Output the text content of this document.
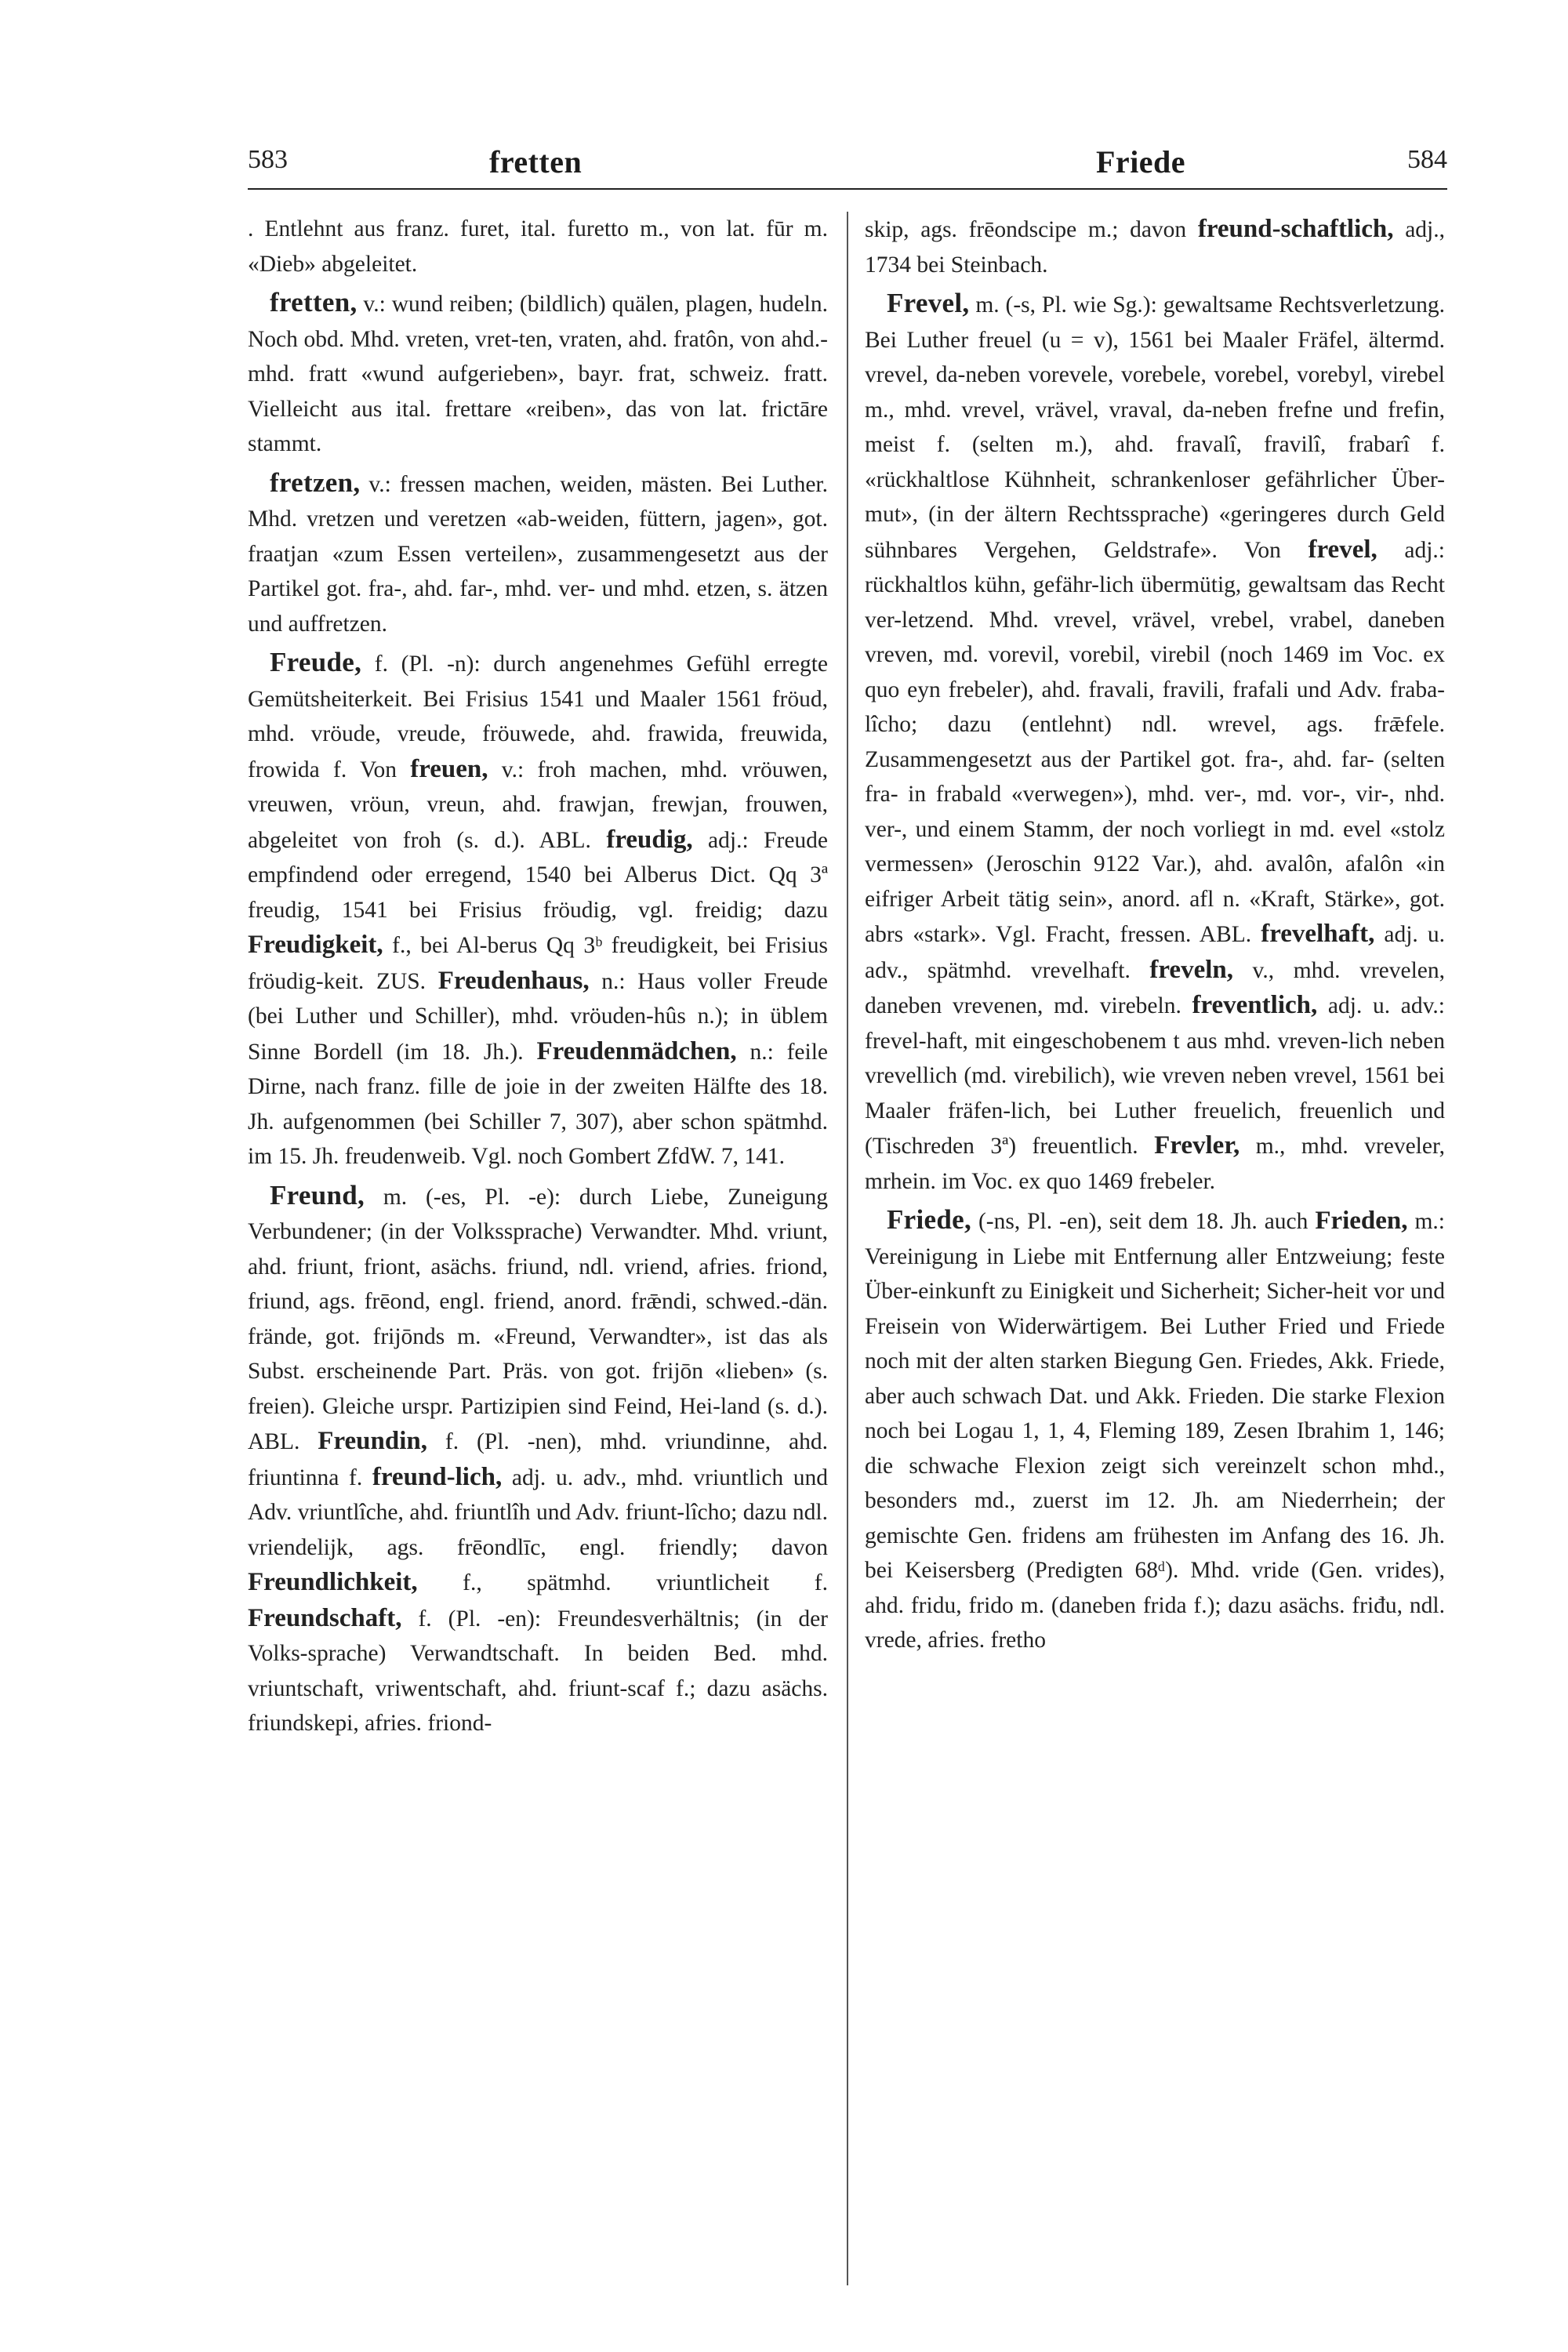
583	fretten	Friede	584

. Entlehnt aus franz. furet, ital. furetto m., von lat. fūr m. «Dieb» abgeleitet.

fretten, v.: wund reiben; (bildlich) quälen, plagen, hudeln. Noch obd. Mhd. vreten, vret-ten, vraten, ahd. fratôn, von ahd.-mhd. fratt «wund aufgerieben», bayr. frat, schweiz. fratt. Vielleicht aus ital. frettare «reiben», das von lat. frictāre stammt.

fretzen, v.: fressen machen, weiden, mästen. Bei Luther. Mhd. vretzen und veretzen «ab-weiden, füttern, jagen», got. fraatjan «zum Essen verteilen», zusammengesetzt aus der Partikel got. fra-, ahd. far-, mhd. ver- und mhd. etzen, s. ätzen und auffretzen.

Freude, f. (Pl. -n): durch angenehmes Gefühl erregte Gemütsheiterkeit. Bei Frisius 1541 und Maaler 1561 fröud, mhd. vröude, vreude, fröuwede, ahd. frawida, freuwida, frowida f. Von freuen, v.: froh machen, mhd. vröuwen, vreuwen, vröun, vreun, ahd. frawjan, frewjan, frouwen, abgeleitet von froh (s. d.). ABL. freudig, adj.: Freude empfindend oder erregend, 1540 bei Alberus Dict. Qq 3ª freudig, 1541 bei Frisius fröudig, vgl. freidig; dazu Freudigkeit, f., bei Al-berus Qq 3ᵇ freudigkeit, bei Frisius fröudig-keit. ZUS. Freudenhaus, n.: Haus voller Freude (bei Luther und Schiller), mhd. vröuden-hûs n.); in üblem Sinne Bordell (im 18. Jh.). Freudenmädchen, n.: feile Dirne, nach franz. fille de joie in der zweiten Hälfte des 18. Jh. aufgenommen (bei Schiller 7, 307), aber schon spätmhd. im 15. Jh. freudenweib. Vgl. noch Gombert ZfdW. 7, 141.

Freund, m. (-es, Pl. -e): durch Liebe, Zuneigung Verbundener; (in der Volkssprache) Verwandter. Mhd. vriunt, ahd. friunt, friont, asächs. friund, ndl. vriend, afries. friond, friund, ags. frēond, engl. friend, anord. frǣndi, schwed.-dän. frände, got. frijōnds m. «Freund, Verwandter», ist das als Subst. erscheinende Part. Präs. von got. frijōn «lieben» (s. freien). Gleiche urspr. Partizipien sind Feind, Hei-land (s. d.). ABL. Freundin, f. (Pl. -nen), mhd. vriundinne, ahd. friuntinna f. freund-lich, adj. u. adv., mhd. vriuntlich und Adv. vriuntlîche, ahd. friuntlîh und Adv. friunt-lîcho; dazu ndl. vriendelijk, ags. frēondlīc, engl. friendly; davon Freundlichkeit, f., spätmhd. vriuntlicheit f. Freundschaft, f. (Pl. -en): Freundesverhältnis; (in der Volks-sprache) Verwandtschaft. In beiden Bed. mhd. vriuntschaft, vriwentschaft, ahd. friunt-scaf f.; dazu asächs. friundskepi, afries. friond-

skip, ags. frēondscipe m.; davon freund-schaftlich, adj., 1734 bei Steinbach.

Frevel, m. (-s, Pl. wie Sg.): gewaltsame Rechtsverletzung. Bei Luther freuel (u = v), 1561 bei Maaler Fräfel, ältermd. vrevel, da-neben vorevele, vorebele, vorebel, vorebyl, virebel m., mhd. vrevel, vrävel, vraval, da-neben frefne und frefin, meist f. (selten m.), ahd. fravalî, fravilî, frabarî f. «rückhaltlose Kühnheit, schrankenloser gefährlicher Über-mut», (in der ältern Rechtssprache) «geringeres durch Geld sühnbares Vergehen, Geldstrafe». Von frevel, adj.: rückhaltlos kühn, gefähr-lich übermütig, gewaltsam das Recht ver-letzend. Mhd. vrevel, vrävel, vrebel, vrabel, daneben vreven, md. vorevil, vorebil, virebil (noch 1469 im Voc. ex quo eyn frebeler), ahd. fravali, fravili, frafali und Adv. fraba-lîcho; dazu (entlehnt) ndl. wrevel, ags. frǣfele. Zusammengesetzt aus der Partikel got. fra-, ahd. far- (selten fra- in frabald «verwegen»), mhd. ver-, md. vor-, vir-, nhd. ver-, und einem Stamm, der noch vorliegt in md. evel «stolz vermessen» (Jeroschin 9122 Var.), ahd. avalôn, afalôn «in eifriger Arbeit tätig sein», anord. afl n. «Kraft, Stärke», got. abrs «stark». Vgl. Fracht, fressen. ABL. frevelhaft, adj. u. adv., spätmhd. vrevelhaft. freveln, v., mhd. vrevelen, daneben vrevenen, md. virebeln. freventlich, adj. u. adv.: frevel-haft, mit eingeschobenem t aus mhd. vreven-lich neben vrevellich (md. virebilich), wie vreven neben vrevel, 1561 bei Maaler fräfen-lich, bei Luther freuelich, freuenlich und (Tischreden 3ª) freuentlich. Frevler, m., mhd. vreveler, mrhein. im Voc. ex quo 1469 frebeler.

Friede, (-ns, Pl. -en), seit dem 18. Jh. auch Frieden, m.: Vereinigung in Liebe mit Entfernung aller Entzweiung; feste Über-einkunft zu Einigkeit und Sicherheit; Sicher-heit vor und Freisein von Widerwärtigem. Bei Luther Fried und Friede noch mit der alten starken Biegung Gen. Friedes, Akk. Friede, aber auch schwach Dat. und Akk. Frieden. Die starke Flexion noch bei Logau 1, 1, 4, Fleming 189, Zesen Ibrahim 1, 146; die schwache Flexion zeigt sich vereinzelt schon mhd., besonders md., zuerst im 12. Jh. am Niederrhein; der gemischte Gen. fridens am frühesten im Anfang des 16. Jh. bei Keisersberg (Predigten 68ᵈ). Mhd. vride (Gen. vrides), ahd. fridu, frido m. (daneben frida f.); dazu asächs. friđu, ndl. vrede, afries. fretho
